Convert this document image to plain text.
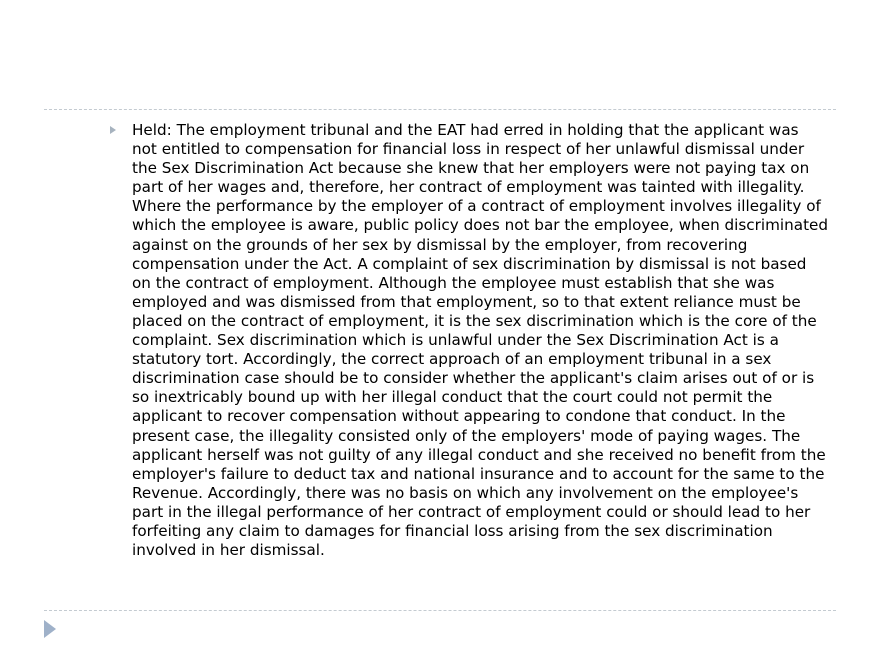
Held: The employment tribunal and the EAT had erred in holding that the applicant was not entitled to compensation for financial loss in respect of her unlawful dismissal under the Sex Discrimination Act because she knew that her employers were not paying tax on part of her wages and, therefore, her contract of employment was tainted with illegality. Where the performance by the employer of a contract of employment involves illegality of which the employee is aware, public policy does not bar the employee, when discriminated against on the grounds of her sex by dismissal by the employer, from recovering compensation under the Act. A complaint of sex discrimination by dismissal is not based on the contract of employment. Although the employee must establish that she was employed and was dismissed from that employment, so to that extent reliance must be placed on the contract of employment, it is the sex discrimination which is the core of the complaint. Sex discrimination which is unlawful under the Sex Discrimination Act is a statutory tort. Accordingly, the correct approach of an employment tribunal in a sex discrimination case should be to consider whether the applicant's claim arises out of or is so inextricably bound up with her illegal conduct that the court could not permit the applicant to recover compensation without appearing to condone that conduct. In the present case, the illegality consisted only of the employers' mode of paying wages. The applicant herself was not guilty of any illegal conduct and she received no benefit from the employer's failure to deduct tax and national insurance and to account for the same to the Revenue. Accordingly, there was no basis on which any involvement on the employee's part in the illegal performance of her contract of employment could or should lead to her forfeiting any claim to damages for financial loss arising from the sex discrimination involved in her dismissal.
